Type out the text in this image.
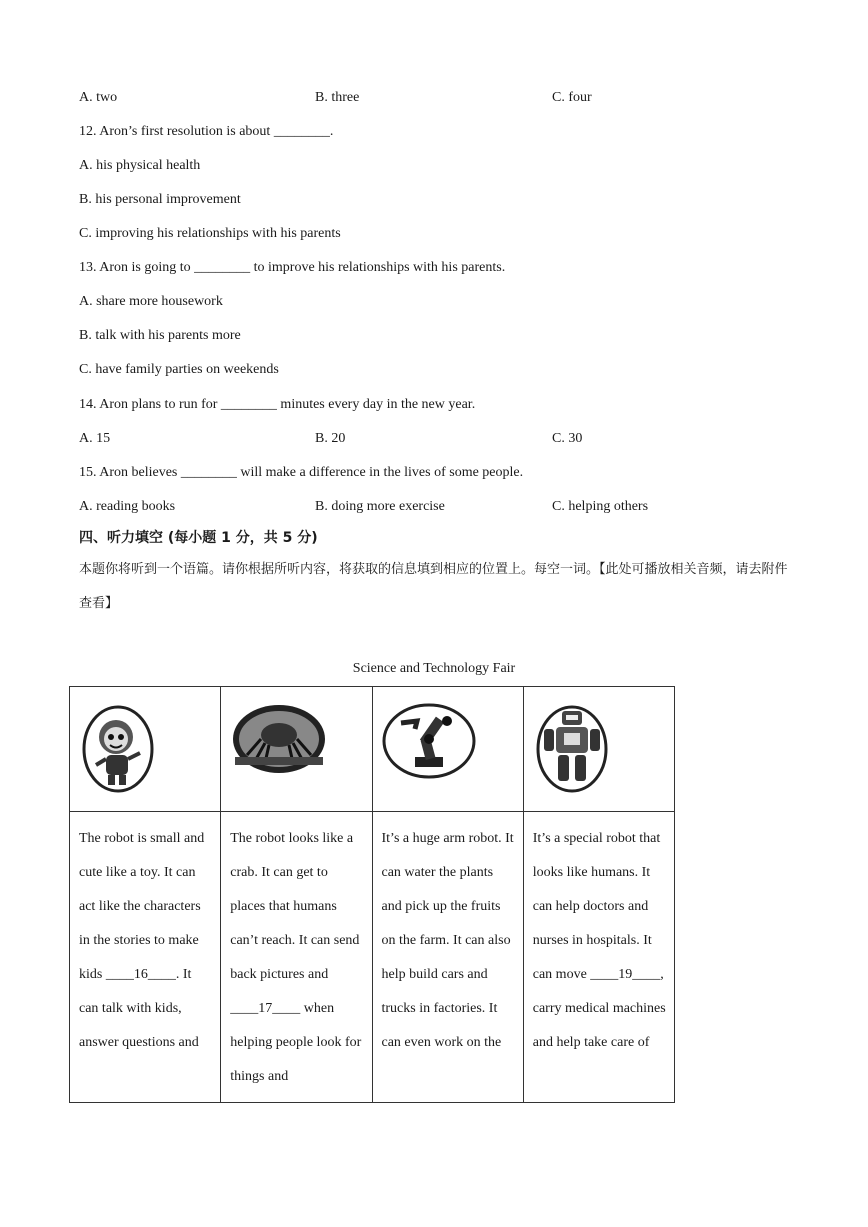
A. two	B. three	C. four
12. Aron’s first resolution is about ________.
A. his physical health
B. his personal improvement
C. improving his relationships with his parents
13. Aron is going to ________ to improve his relationships with his parents.
A. share more housework
B. talk with his parents more
C. have family parties on weekends
14. Aron plans to run for ________ minutes every day in the new year.
A. 15	B. 20	C. 30
15. Aron believes ________ will make a difference in the lives of some people.
A. reading books	B. doing more exercise	C. helping others
四、听力填空 (每小题 1 分，共 5 分)
本题你将听到一个语篇。请你根据所听内容，将获取的信息填到相应的位置上。每空一词。【此处可播放相关音频，请去附件查看】
Science and Technology Fair

The robot is small and cute like a toy. It can act like the characters in the stories to make kids ____16____. It can talk with kids, answer questions and	The robot looks like a crab. It can get to places that humans can’t reach. It can send back pictures and ____17____ when helping people look for things and	It’s a huge arm robot. It can water the plants and pick up the fruits on the farm. It can also help build cars and trucks in factories. It can even work on the	It’s a special robot that looks like humans. It can help doctors and nurses in hospitals. It can move ____19____, carry medical machines and help take care of
